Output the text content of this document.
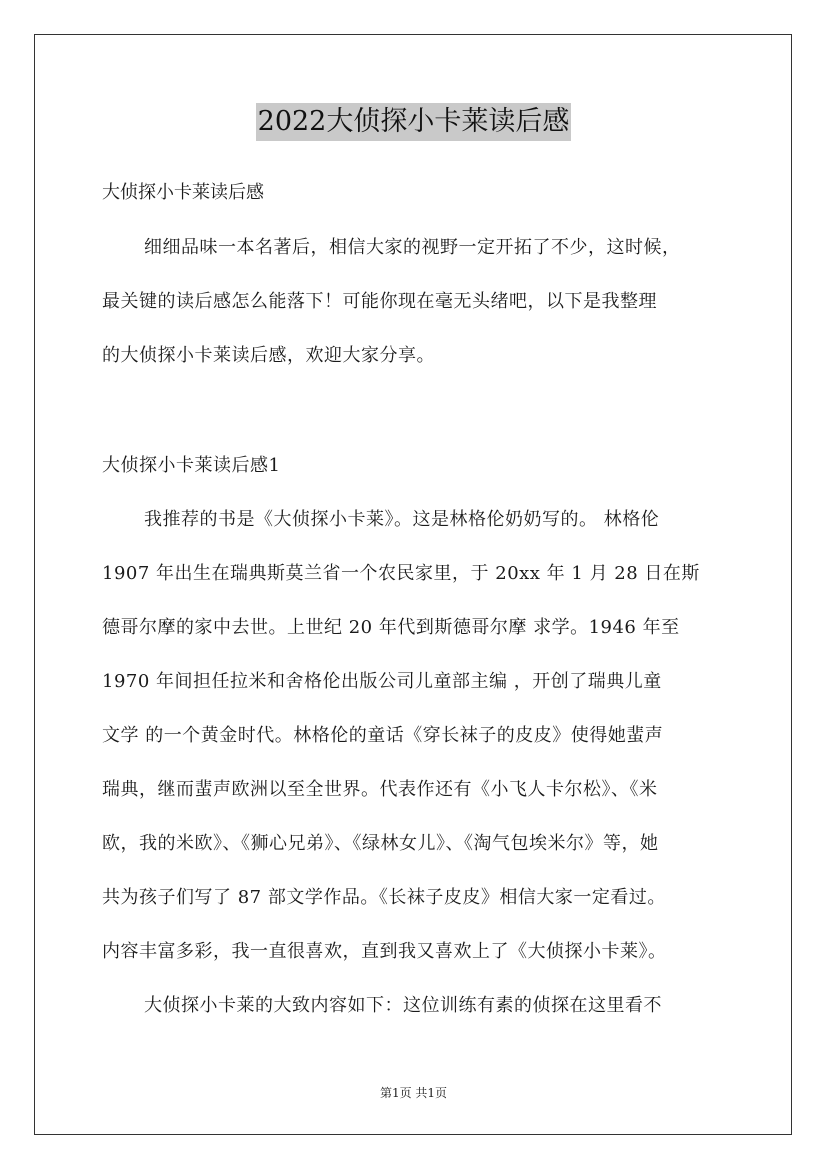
2022大侦探小卡莱读后感
大侦探小卡莱读后感
细细品味一本名著后，相信大家的视野一定开拓了不少，这时候，
最关键的读后感怎么能落下！可能你现在毫无头绪吧，以下是我整理
的大侦探小卡莱读后感，欢迎大家分享。
大侦探小卡莱读后感1
我推荐的书是《大侦探小卡莱》。这是林格伦奶奶写的。 林格伦
1907 年出生在瑞典斯莫兰省一个农民家里，于 20xx 年 1 月 28 日在斯
德哥尔摩的家中去世。上世纪 20 年代到斯德哥尔摩 求学。1946 年至
1970 年间担任拉米和舍格伦出版公司儿童部主编 ，开创了瑞典儿童
文学 的一个黄金时代。林格伦的童话《穿长袜子的皮皮》使得她蜚声
瑞典，继而蜚声欧洲以至全世界。代表作还有《小飞人卡尔松》、《米
欧，我的米欧》、《狮心兄弟》、《绿林女儿》、《淘气包埃米尔》等，她
共为孩子们写了 87 部文学作品。《长袜子皮皮》相信大家一定看过。
内容丰富多彩，我一直很喜欢，直到我又喜欢上了《大侦探小卡莱》。
大侦探小卡莱的大致内容如下：这位训练有素的侦探在这里看不
第1页 共1页
